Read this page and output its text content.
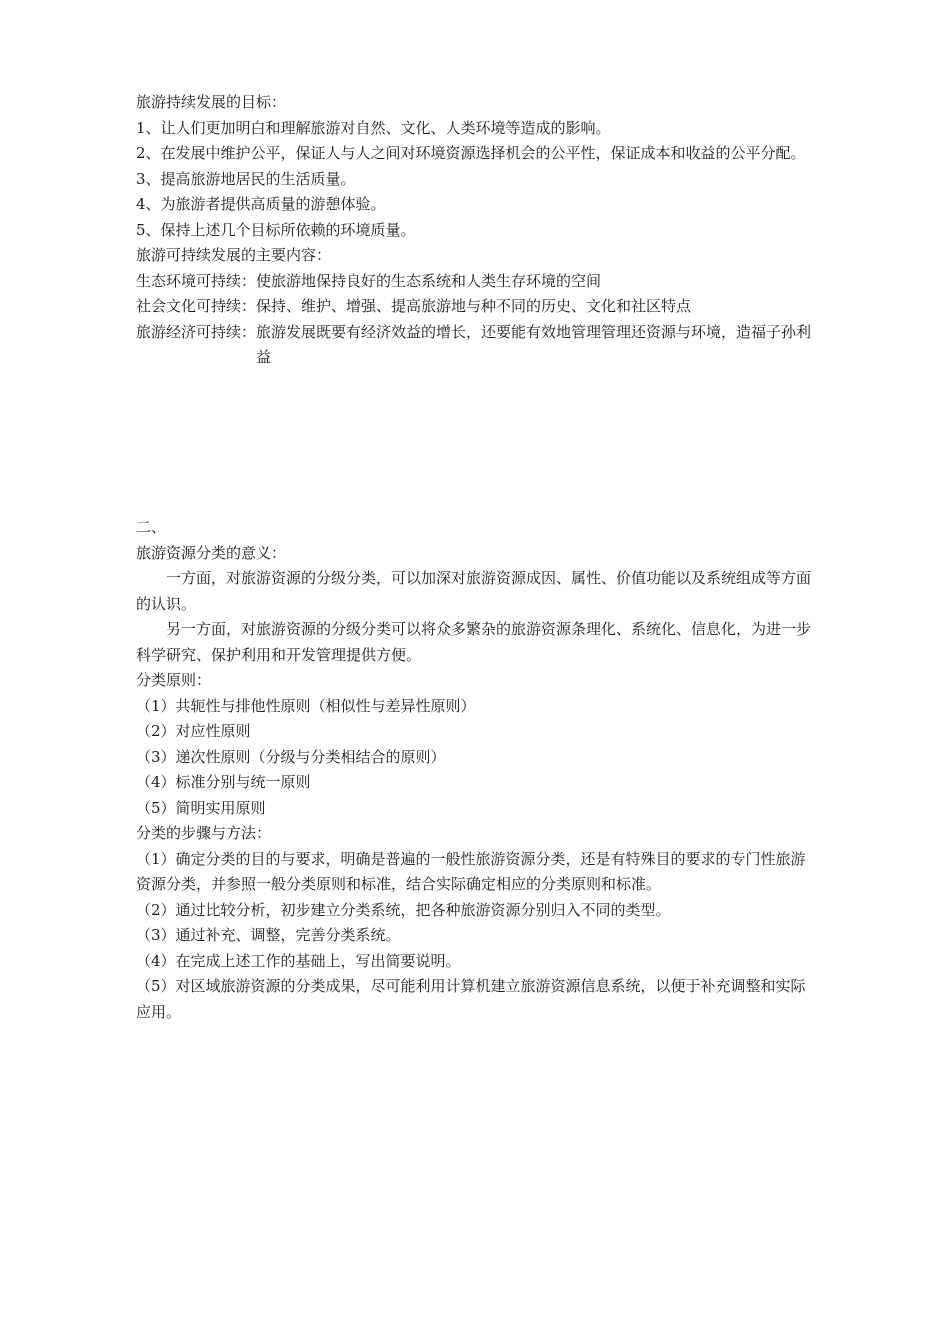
旅游持续发展的目标：

1、让人们更加明白和理解旅游对自然、文化、人类环境等造成的影响。

2、在发展中维护公平，保证人与人之间对环境资源选择机会的公平性，保证成本和收益的公平分配。

3、提高旅游地居民的生活质量。

4、为旅游者提供高质量的游憩体验。

5、保持上述几个目标所依赖的环境质量。

旅游可持续发展的主要内容：

生态环境可持续： 使旅游地保持良好的生态系统和人类生存环境的空间
社会文化可持续： 保持、维护、增强、提高旅游地与种不同的历史、文化和社区特点
旅游经济可持续： 旅游发展既要有经济效益的增长，还要能有效地管理管理还资源与环境，造福子孙利益

二、

旅游资源分类的意义：

一方面，对旅游资源的分级分类，可以加深对旅游资源成因、属性、价值功能以及系统组成等方面的认识。

另一方面，对旅游资源的分级分类可以将众多繁杂的旅游资源条理化、系统化、信息化，为进一步科学研究、保护利用和开发管理提供方便。

分类原则：

（1）共轭性与排他性原则（相似性与差异性原则）

（2）对应性原则

（3）递次性原则（分级与分类相结合的原则）

（4）标准分别与统一原则

（5）简明实用原则

分类的步骤与方法：

（1）确定分类的目的与要求，明确是普遍的一般性旅游资源分类，还是有特殊目的要求的专门性旅游资源分类，并参照一般分类原则和标准，结合实际确定相应的分类原则和标准。

（2）通过比较分析，初步建立分类系统，把各种旅游资源分别归入不同的类型。

（3）通过补充、调整，完善分类系统。

（4）在完成上述工作的基础上，写出简要说明。

（5）对区域旅游资源的分类成果，尽可能利用计算机建立旅游资源信息系统，以便于补充调整和实际应用。
